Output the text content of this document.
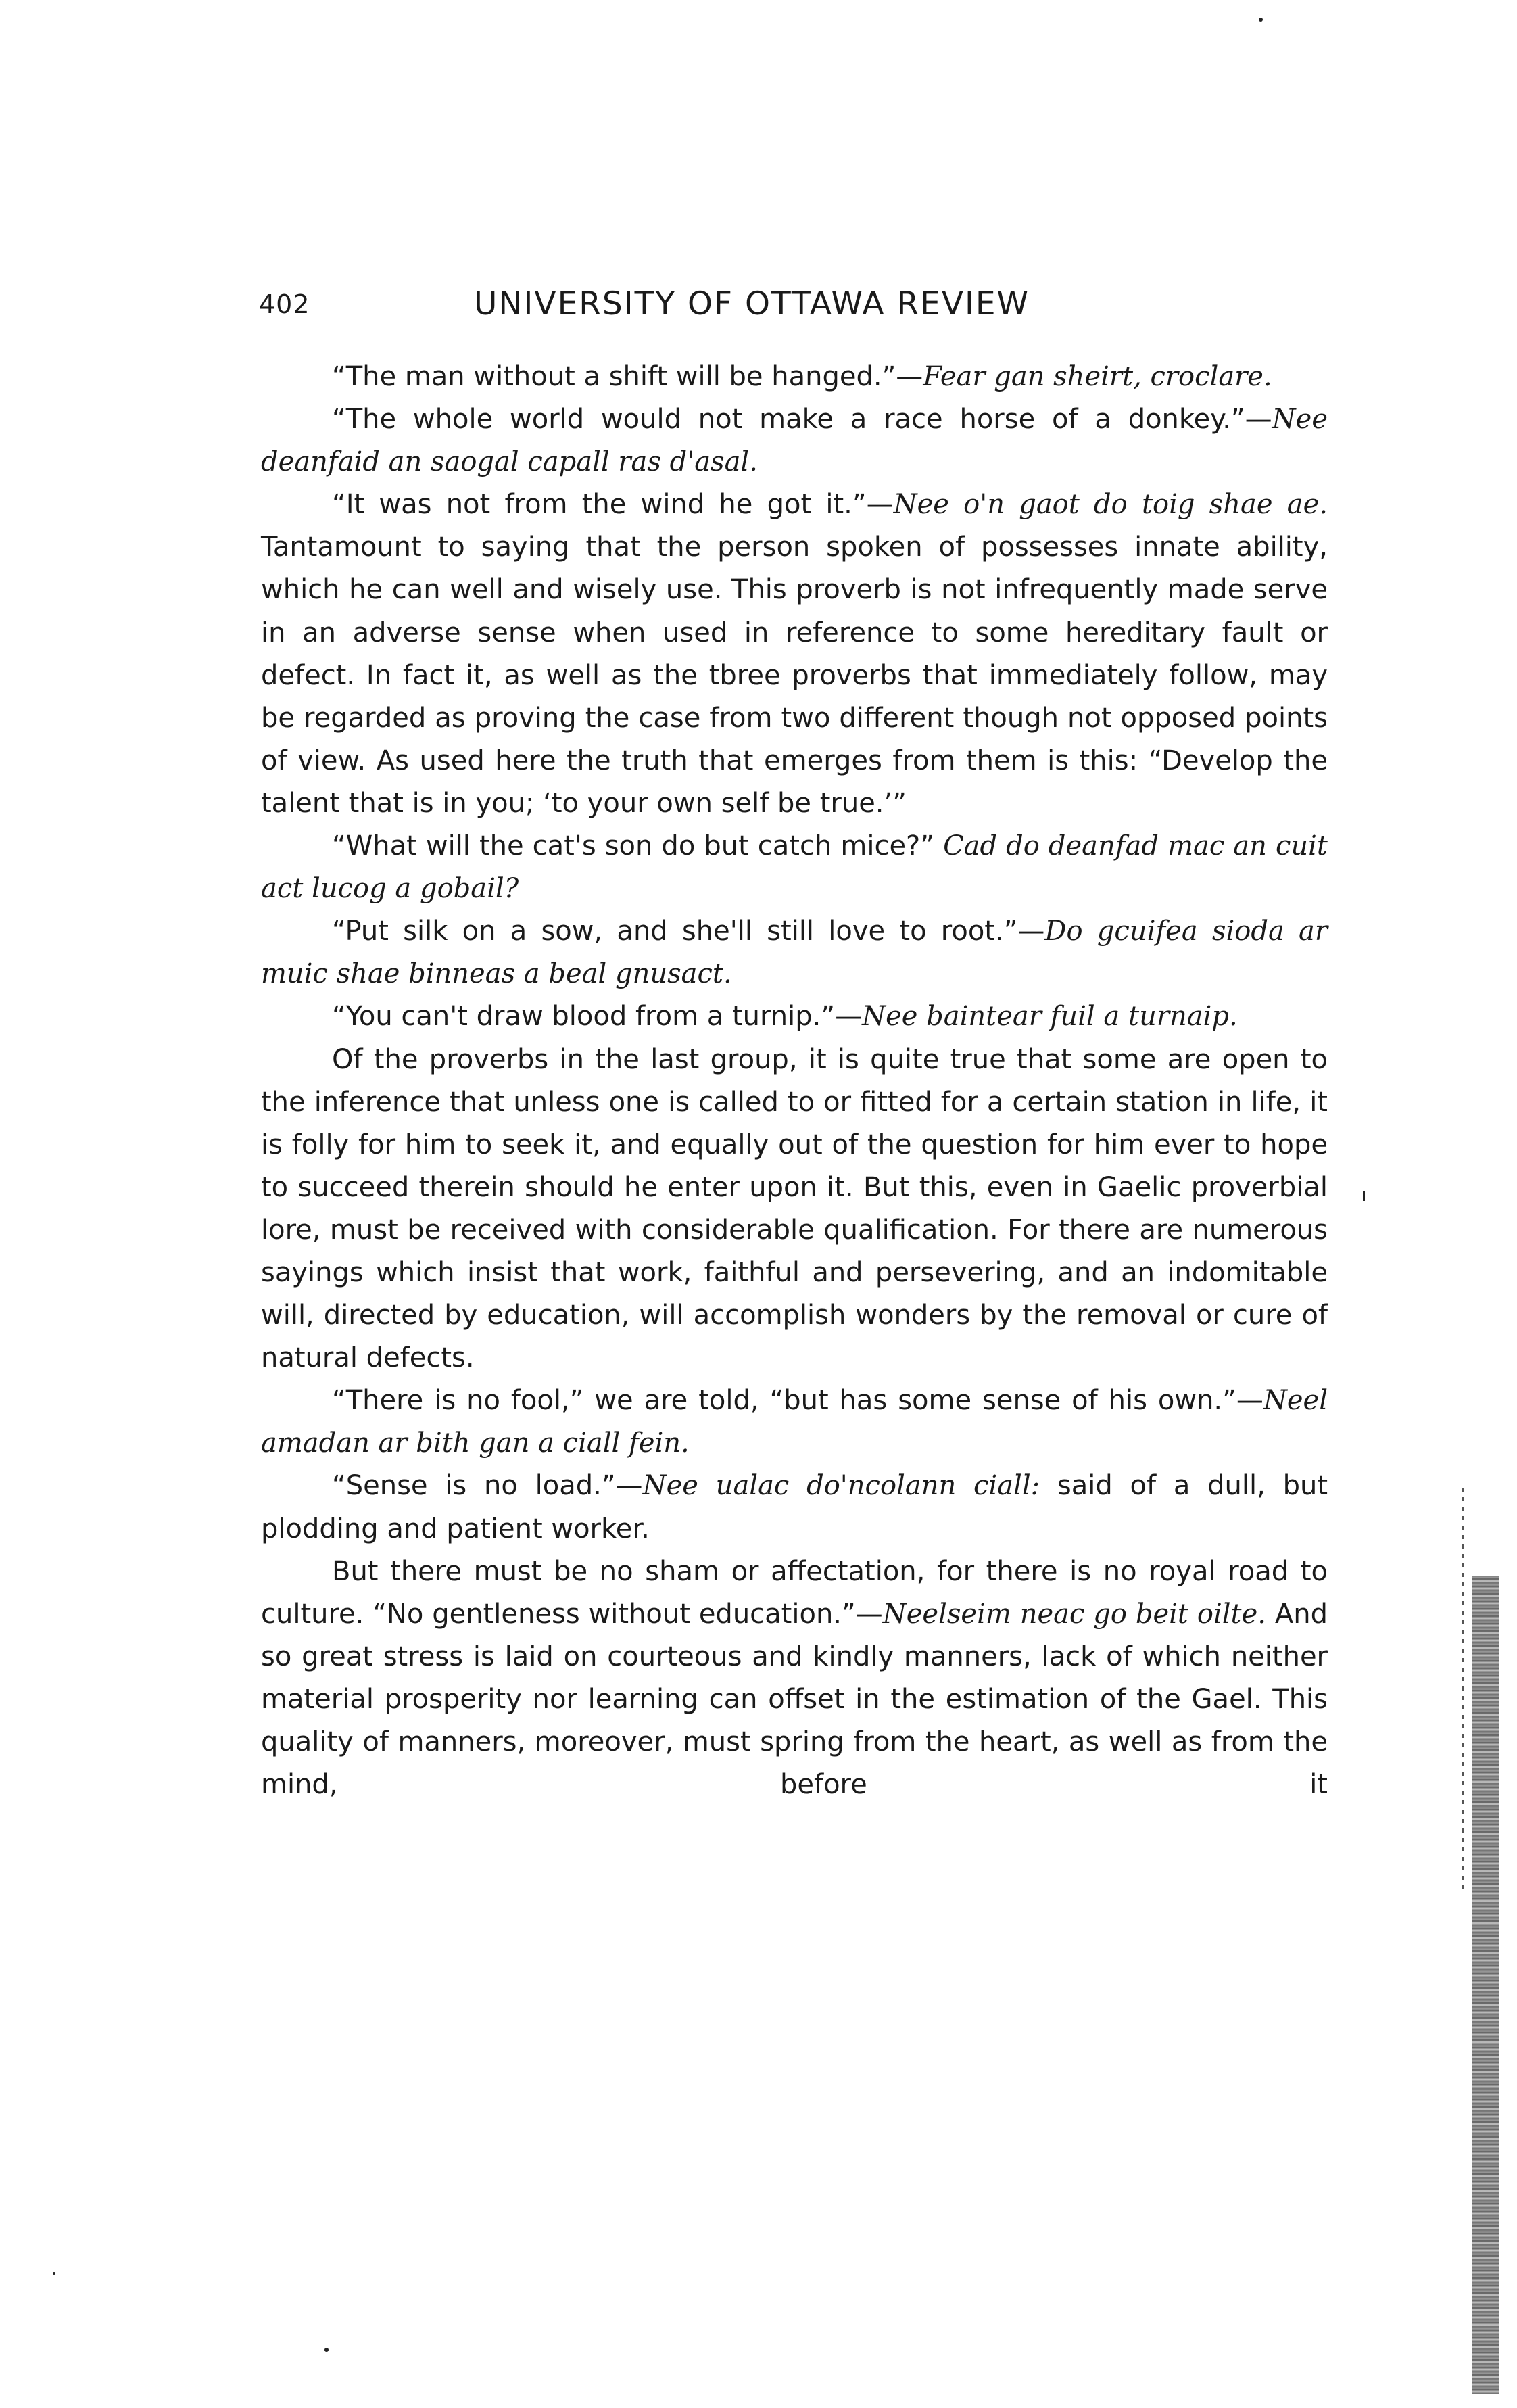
402	UNIVERSITY OF OTTAWA REVIEW

“The man without a shift will be hanged.”—Fear gan sheirt, croclare.

“The whole world would not make a race horse of a donkey.”—Nee deanfaid an saogal capall ras d'asal.

“It was not from the wind he got it.”—Nee o'n gaot do toig shae ae. Tantamount to saying that the person spoken of possesses innate ability, which he can well and wisely use. This proverb is not infrequently made serve in an adverse sense when used in reference to some hereditary fault or defect. In fact it, as well as the tbree proverbs that immediately follow, may be regarded as proving the case from two different though not opposed points of view. As used here the truth that emerges from them is this: “Develop the talent that is in you; ‘to your own self be true.’”

“What will the cat's son do but catch mice?” Cad do deanfad mac an cuit act lucog a gobail?

“Put silk on a sow, and she'll still love to root.”—Do gcuifea sioda ar muic shae binneas a beal gnusact.

“You can't draw blood from a turnip.”—Nee baintear fuil a turnaip.

Of the proverbs in the last group, it is quite true that some are open to the inference that unless one is called to or fitted for a certain station in life, it is folly for him to seek it, and equally out of the question for him ever to hope to succeed therein should he enter upon it. But this, even in Gaelic proverbial lore, must be received with considerable qualification. For there are numerous sayings which insist that work, faithful and persevering, and an indomitable will, directed by education, will accomplish wonders by the removal or cure of natural defects.

“There is no fool,” we are told, “but has some sense of his own.”—Neel amadan ar bith gan a ciall fein.

“Sense is no load.”—Nee ualac do'ncolann ciall: said of a dull, but plodding and patient worker.

But there must be no sham or affectation, for there is no royal road to culture. “No gentleness without education.”—Neelseim neac go beit oilte. And so great stress is laid on courteous and kindly manners, lack of which neither material prosperity nor learning can offset in the estimation of the Gael. This quality of manners, moreover, must spring from the heart, as well as from the mind, before it
